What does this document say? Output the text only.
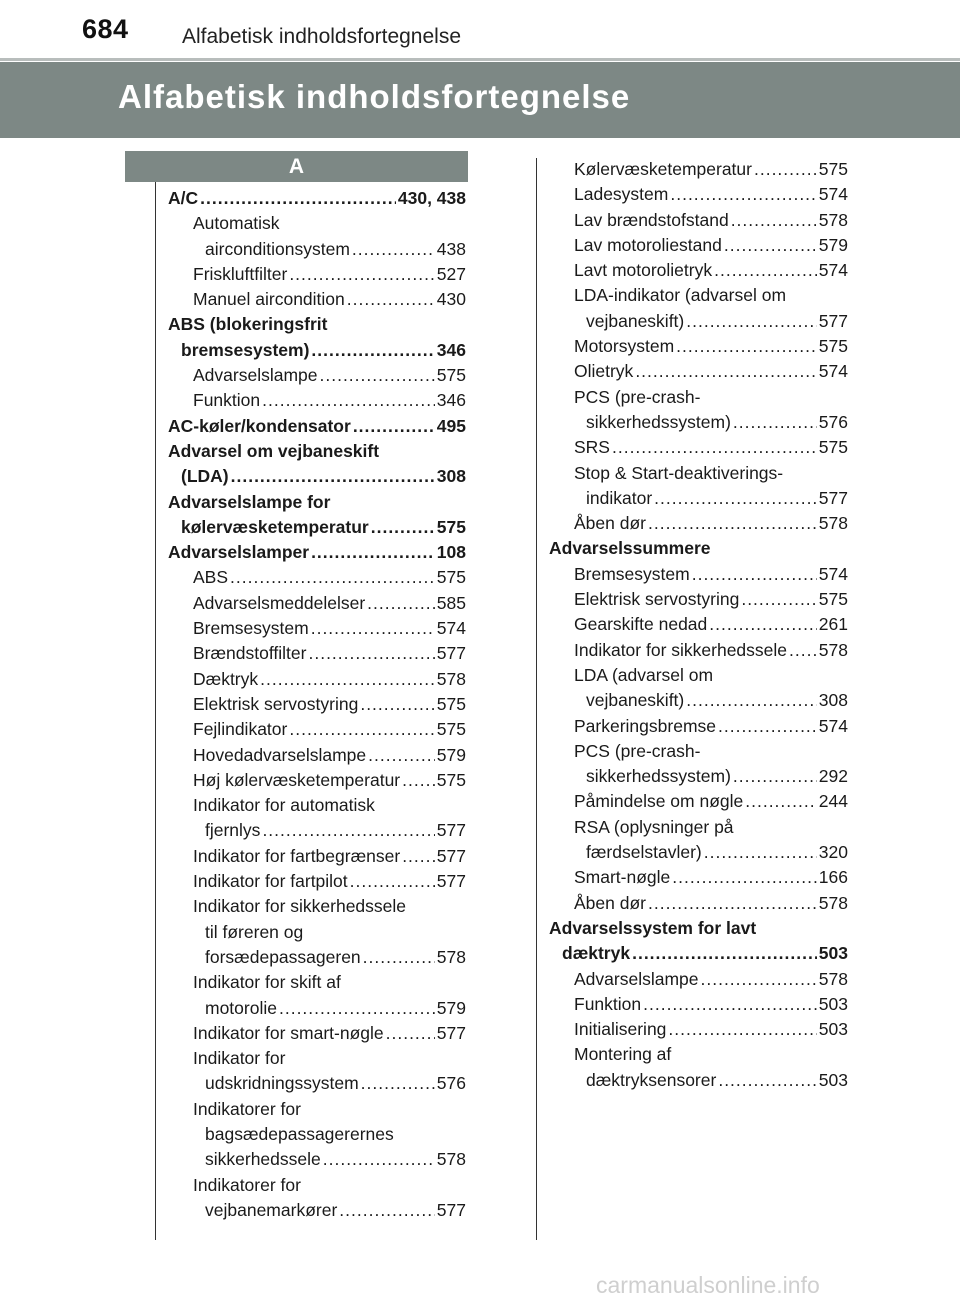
684	Alfabetisk indholdsfortegnelse
Alfabetisk indholdsfortegnelse
A
A/C .....	430, 438
Automatisk
airconditionsystem .....	438
Friskluftfilter .....	527
Manuel aircondition .....	430
ABS (blokeringsfrit
bremsesystem) .....	346
Advarselslampe .....	575
Funktion .....	346
AC-køler/kondensator .....	495
Advarsel om vejbaneskift
(LDA) .....	308
Advarselslampe for
kølervæsketemperatur .....	575
Advarselslamper .....	108
ABS .....	575
Advarselsmeddelelser .....	585
Bremsesystem .....	574
Brændstoffilter .....	577
Dæktryk .....	578
Elektrisk servostyring .....	575
Fejlindikator .....	575
Hovedadvarselslampe .....	579
Høj kølervæsketemperatur ..... 575
Indikator for automatisk
fjernlys .....	577
Indikator for fartbegrænser ..... 577
Indikator for fartpilot .....	577
Indikator for sikkerhedssele
til føreren og
forsædepassageren .....	578
Indikator for skift af
motorolie .....	579
Indikator for smart-nøgle .....	577
Indikator for
udskridningssystem .....	576
Indikatorer for
bagsædepassagerernes
sikkerhedssele .....	578
Indikatorer for
vejbanemarkører .....	577
Kølervæsketemperatur .....	575
Ladesystem .....	574
Lav brændstofstand .....	578
Lav motoroliestand .....	579
Lavt motorolietryk .....	574
LDA-indikator (advarsel om
vejbaneskift) .....	577
Motorsystem .....	575
Olietryk .....	574
PCS (pre-crash-
sikkerhedssystem) .....	576
SRS .....	575
Stop & Start-deaktiverings-
indikator .....	577
Åben dør .....	578
Advarselssummere
Bremsesystem .....	574
Elektrisk servostyring .....	575
Gearskifte nedad .....	261
Indikator for sikkerhedssele ..... 578
LDA (advarsel om
vejbaneskift) .....	308
Parkeringsbremse .....	574
PCS (pre-crash-
sikkerhedssystem) .....	292
Påmindelse om nøgle .....	244
RSA (oplysninger på
færdselstavler) .....	320
Smart-nøgle .....	166
Åben dør .....	578
Advarselssystem for lavt
dæktryk .....	503
Advarselslampe .....	578
Funktion .....	503
Initialisering .....	503
Montering af
dæktryksensorer .....	503
carmanualsonline.info
